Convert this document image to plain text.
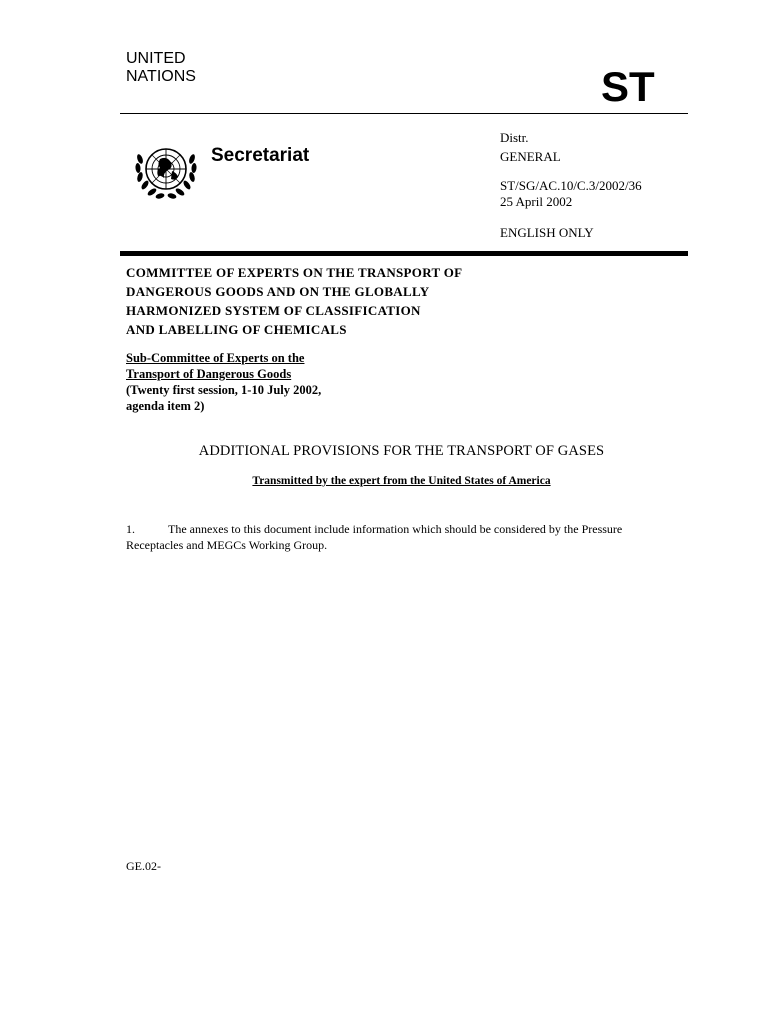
UNITED
NATIONS	ST
Secretariat
Distr.
GENERAL
ST/SG/AC.10/C.3/2002/36
25 April 2002
ENGLISH ONLY
COMMITTEE OF EXPERTS ON THE TRANSPORT OF
DANGEROUS GOODS AND ON THE GLOBALLY
HARMONIZED SYSTEM OF CLASSIFICATION
AND LABELLING OF CHEMICALS
Sub-Committee of Experts on the
Transport of Dangerous Goods
(Twenty first session, 1-10 July 2002,
agenda item 2)
ADDITIONAL PROVISIONS FOR THE TRANSPORT OF GASES
Transmitted by the expert from the United States of America
1.	The annexes to this document include information which should be considered by the Pressure Receptacles and MEGCs Working Group.
GE.02-
